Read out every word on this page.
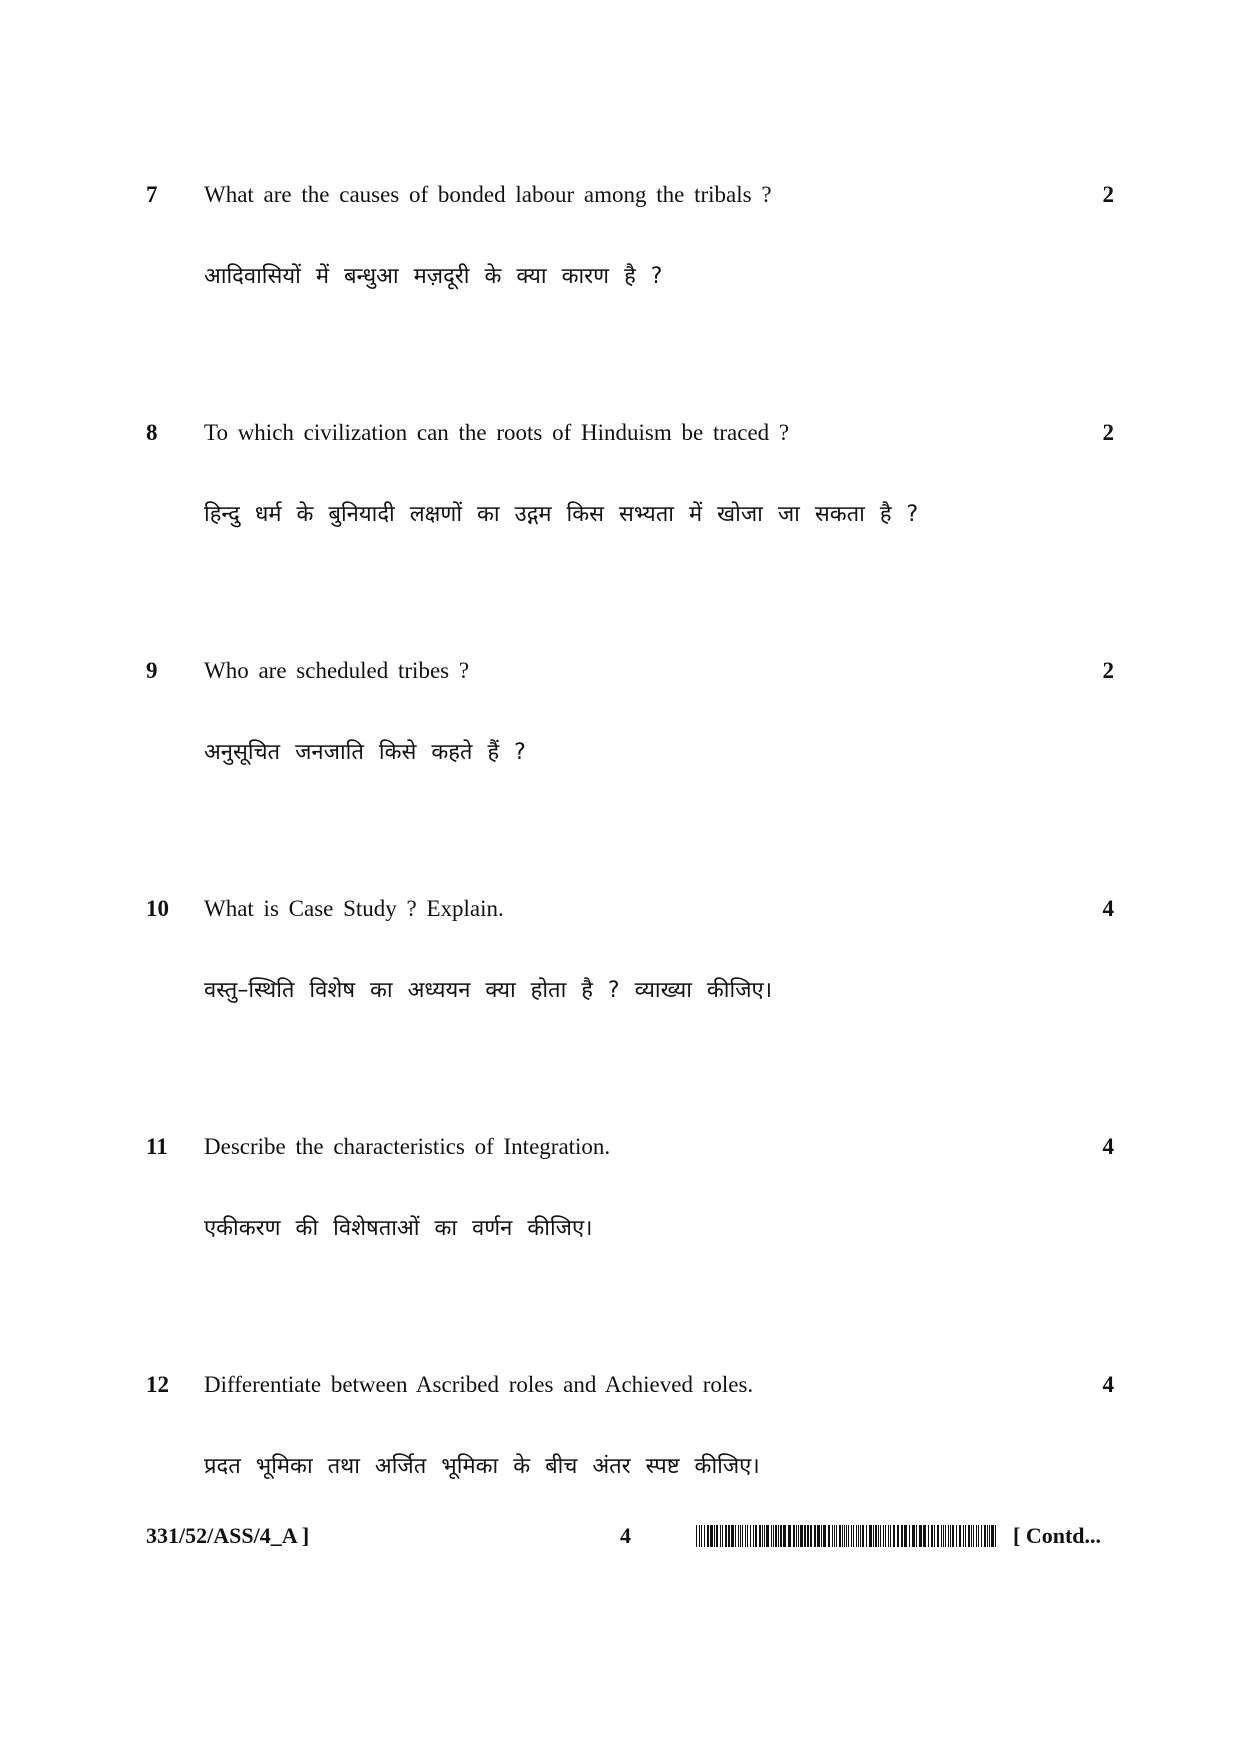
7 What are the causes of bonded labour among the tribals ?	2
आदिवासियों में बन्धुआ मज़दूरी के क्या कारण है ?
8 To which civilization can the roots of Hinduism be traced ?	2
हिन्दु धर्म के बुनियादी लक्षणों का उद्गम किस सभ्यता में खोजा जा सकता है ?
9 Who are scheduled tribes ?	2
अनुसूचित जनजाति किसे कहते हैं ?
10 What is Case Study ? Explain.	4
वस्तु–स्थिति विशेष का अध्ययन क्या होता है ? व्याख्या कीजिए।
11 Describe the characteristics of Integration.	4
एकीकरण की विशेषताओं का वर्णन कीजिए।
12 Differentiate between Ascribed roles and Achieved roles.	4
प्रदत भूमिका तथा अर्जित भूमिका के बीच अंतर स्पष्ट कीजिए।
331/52/ASS/4_A ]	4	[ Contd...
